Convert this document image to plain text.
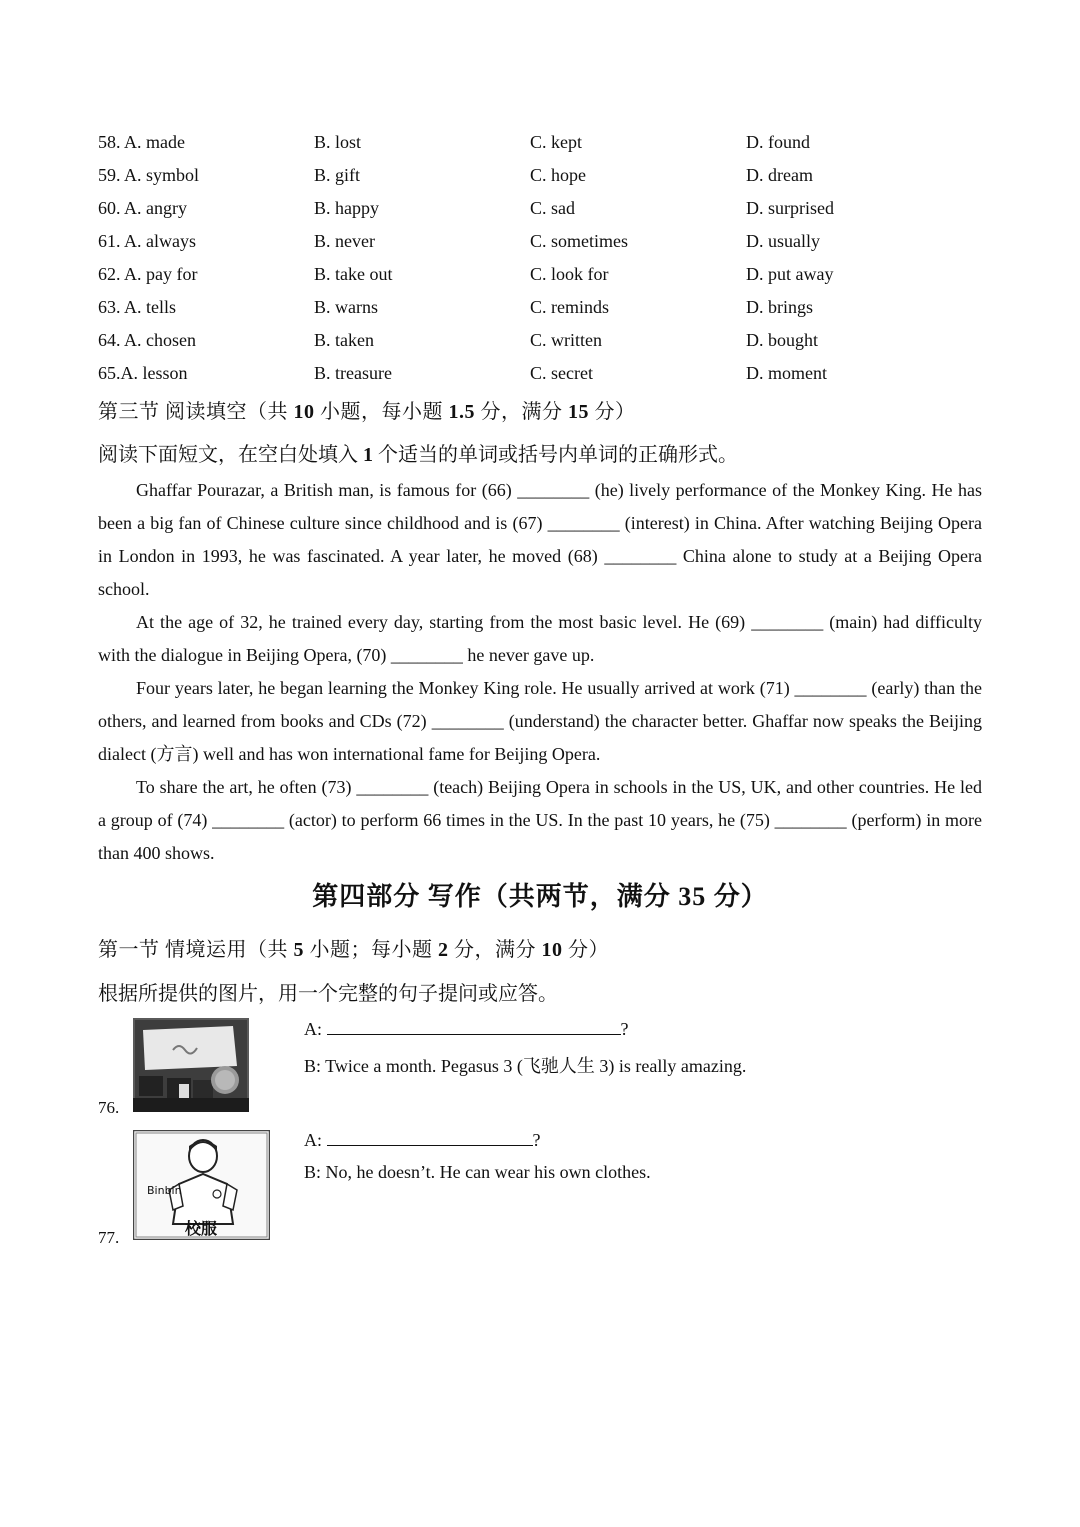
58. A. made	B. lost	C. kept	D. found
59. A. symbol	B. gift	C. hope	D. dream
60. A. angry	B. happy	C. sad	D. surprised
61. A. always	B. never	C. sometimes	D. usually
62. A. pay for	B. take out	C. look for	D. put away
63. A. tells	B. warns	C. reminds	D. brings
64. A. chosen	B. taken	C. written	D. bought
65.A. lesson	B. treasure	C. secret	D. moment
第三节 阅读填空（共 10 小题，每小题 1.5 分，满分 15 分）
阅读下面短文，在空白处填入 1 个适当的单词或括号内单词的正确形式。

Ghaffar Pourazar, a British man, is famous for (66) ________ (he) lively performance of the Monkey King. He has been a big fan of Chinese culture since childhood and is (67) ________ (interest) in China. After watching Beijing Opera in London in 1993, he was fascinated. A year later, he moved (68) ________ China alone to study at a Beijing Opera school.

At the age of 32, he trained every day, starting from the most basic level. He (69) ________ (main) had difficulty with the dialogue in Beijing Opera, (70) ________ he never gave up.

Four years later, he began learning the Monkey King role. He usually arrived at work (71) ________ (early) than the others, and learned from books and CDs (72) ________ (understand) the character better. Ghaffar now speaks the Beijing dialect (方言) well and has won international fame for Beijing Opera.

To share the art, he often (73) ________ (teach) Beijing Opera in schools in the US, UK, and other countries. He led a group of (74) ________ (actor) to perform 66 times in the US. In the past 10 years, he (75) ________ (perform) in more than 400 shows.

第四部分 写作（共两节，满分 35 分）
第一节 情境运用（共 5 小题；每小题 2 分，满分 10 分）
根据所提供的图片，用一个完整的句子提问或应答。
76.
A:	?
B: Twice a month. Pegasus 3 (飞驰人生 3) is really amazing.
Binbin
校服
77.
A:	?
B: No, he doesn’t. He can wear his own clothes.
